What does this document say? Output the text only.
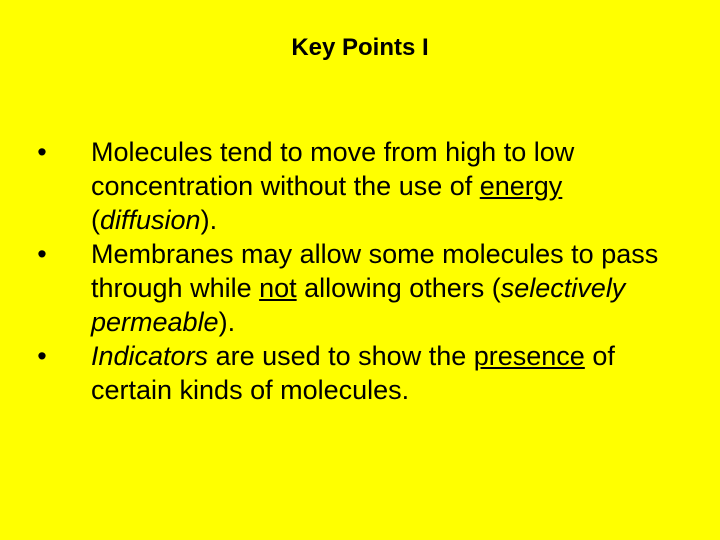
Key Points I
• Molecules tend to move from high to low concentration without the use of energy (diffusion).
• Membranes may allow some molecules to pass through while not allowing others (selectively permeable).
• Indicators are used to show the presence of certain kinds of molecules.
